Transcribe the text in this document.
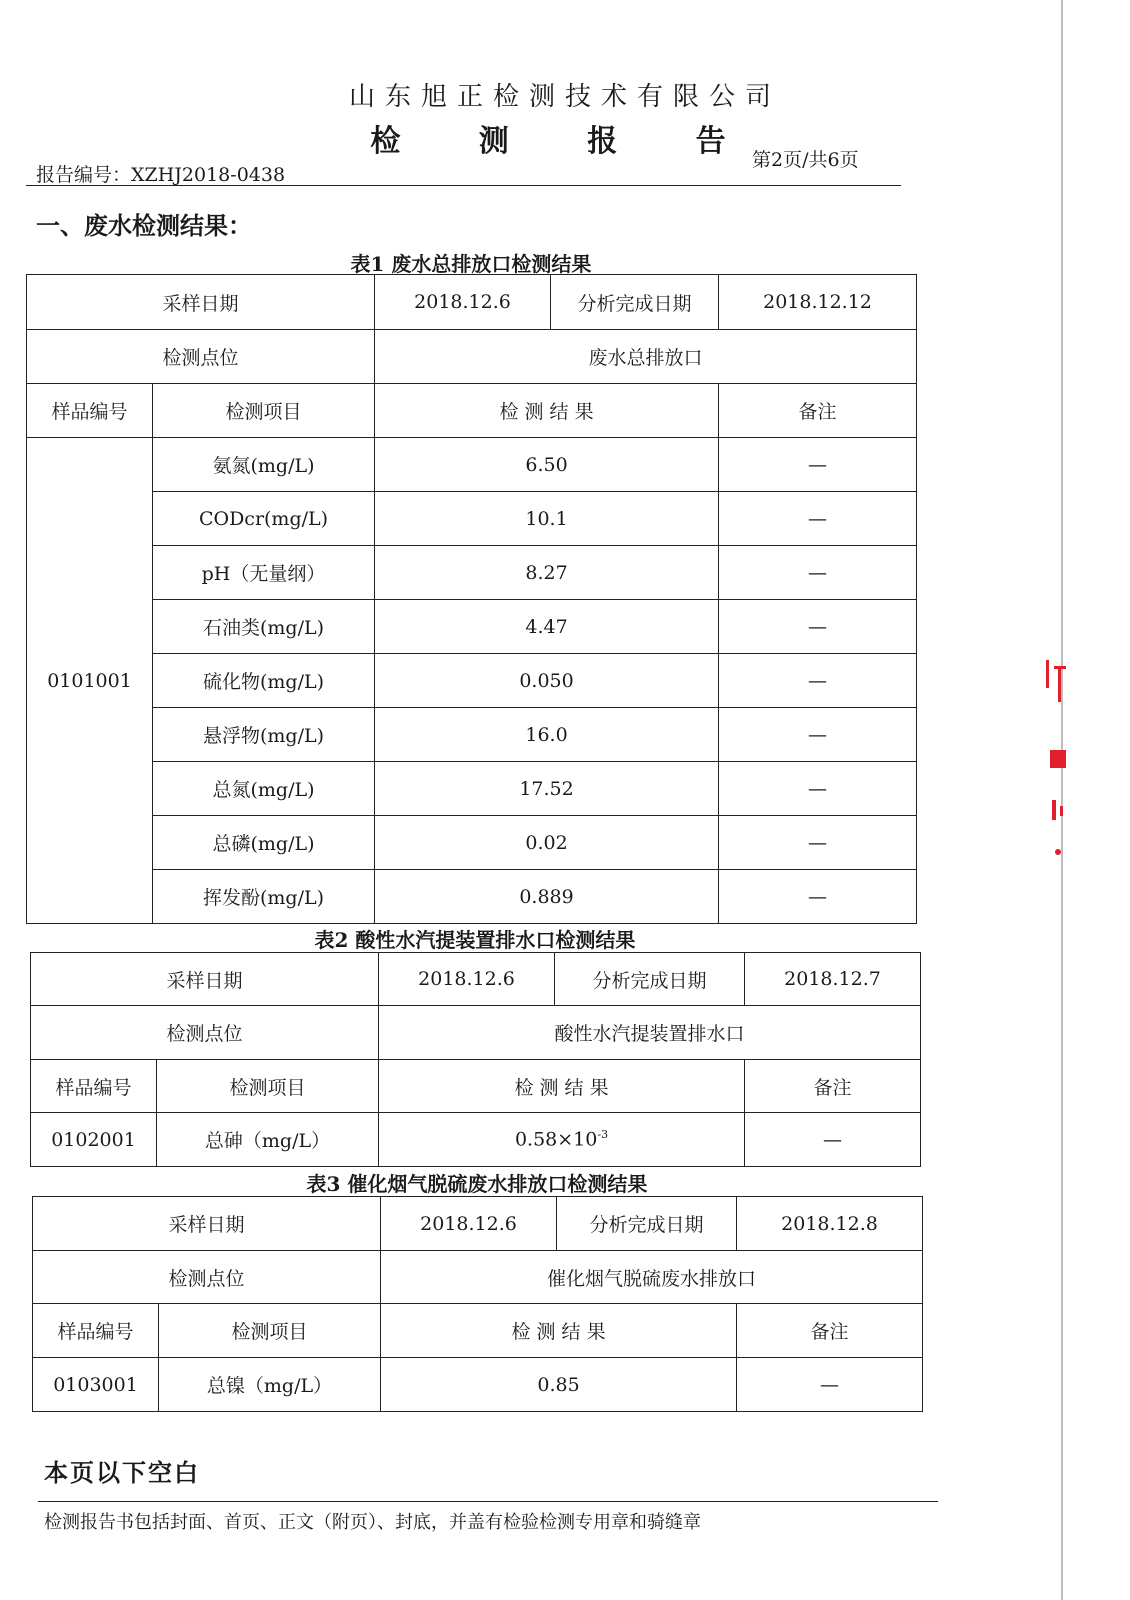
山东旭正检测技术有限公司
检 测 报 告
报告编号：XZHJ2018-0438
第2页/共6页
一、废水检测结果：
表1 废水总排放口检测结果
采样日期		2018.12.6	分析完成日期	2018.12.12
检测点位		废水总排放口		
样品编号	检测项目	检 测 结 果		备注
0101001	氨氮(mg/L)	6.50		—
	CODcr(mg/L)	10.1		—
	pH（无量纲）	8.27		—
	石油类(mg/L)	4.47		—
	硫化物(mg/L)	0.050		—
	悬浮物(mg/L)	16.0		—
	总氮(mg/L)	17.52		—
	总磷(mg/L)	0.02		—
	挥发酚(mg/L)	0.889		—
表2 酸性水汽提装置排水口检测结果
采样日期		2018.12.6	分析完成日期	2018.12.7
检测点位		酸性水汽提装置排水口		
样品编号	检测项目	检 测 结 果		备注
0102001	总砷（mg/L）	$0.58\times 10^{-3}$		—
表3 催化烟气脱硫废水排放口检测结果
采样日期		2018.12.6	分析完成日期	2018.12.8
检测点位		催化烟气脱硫废水排放口		
样品编号	检测项目	检 测 结 果		备注
0103001	总镍（mg/L）	0.85		—
本页以下空白
检测报告书包括封面、首页、正文（附页）、封底，并盖有检验检测专用章和骑缝章
